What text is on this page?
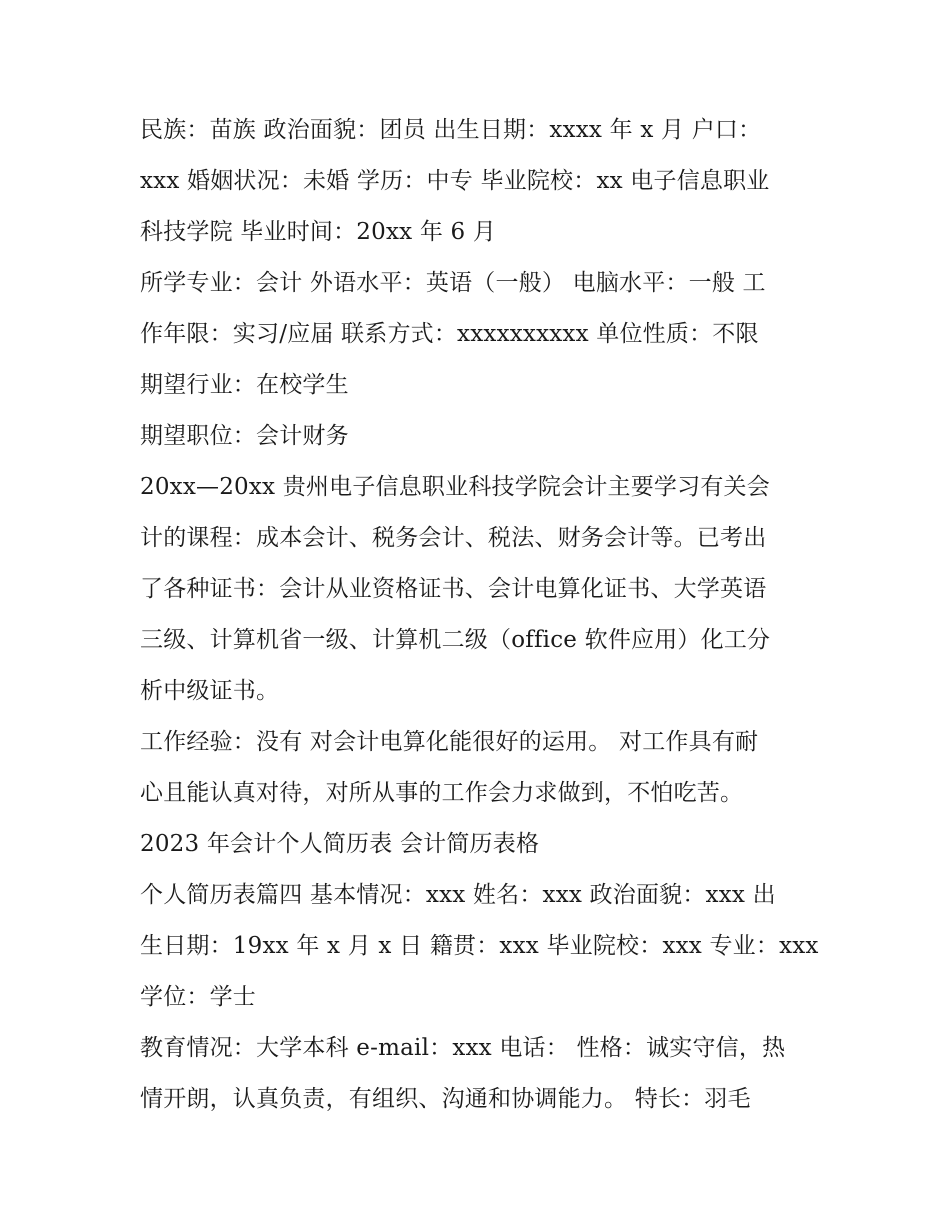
民族：苗族 政治面貌：团员 出生日期：xxxx 年 x 月 户口：
xxx 婚姻状况：未婚 学历：中专 毕业院校：xx 电子信息职业
科技学院 毕业时间：20xx 年 6 月
所学专业：会计 外语水平：英语（一般） 电脑水平：一般 工
作年限：实习/应届 联系方式：xxxxxxxxxx 单位性质：不限
期望行业：在校学生
期望职位：会计财务
20xx—20xx 贵州电子信息职业科技学院会计主要学习有关会
计的课程：成本会计、税务会计、税法、财务会计等。已考出
了各种证书：会计从业资格证书、会计电算化证书、大学英语
三级、计算机省一级、计算机二级（office 软件应用）化工分
析中级证书。
工作经验：没有 对会计电算化能很好的运用。 对工作具有耐
心且能认真对待，对所从事的工作会力求做到，不怕吃苦。
2023 年会计个人简历表 会计简历表格
个人简历表篇四 基本情况：xxx 姓名：xxx 政治面貌：xxx 出
生日期：19xx 年 x 月 x 日 籍贯：xxx 毕业院校：xxx 专业：xxx
学位：学士
教育情况：大学本科 e-mail：xxx 电话： 性格：诚实守信，热
情开朗，认真负责，有组织、沟通和协调能力。 特长：羽毛
